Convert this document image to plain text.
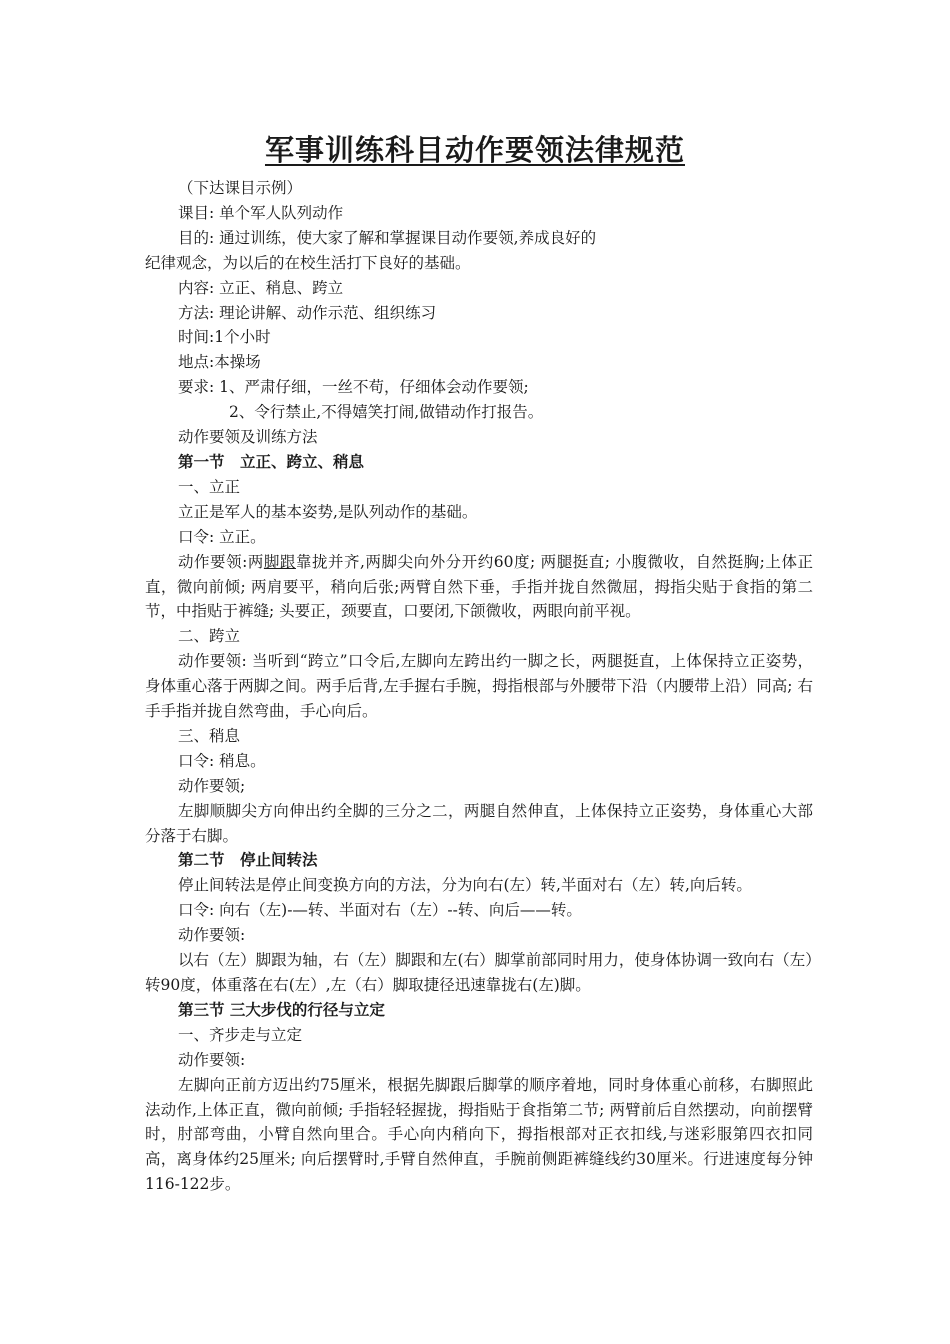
军事训练科目动作要领法律规范

（下达课目示例）

课目: 单个军人队列动作

目的: 通过训练，使大家了解和掌握课目动作要领,养成良好的

纪律观念，为以后的在校生活打下良好的基础。

内容: 立正、稍息、跨立

方法: 理论讲解、动作示范、组织练习

时间:1个小时

地点:本操场

要求: 1、严肃仔细，一丝不苟，仔细体会动作要领;

2、令行禁止,不得嬉笑打闹,做错动作打报告。

动作要领及训练方法

第一节　立正、跨立、稍息

一、立正

立正是军人的基本姿势,是队列动作的基础。

口令: 立正。

动作要领:两脚跟靠拢并齐,两脚尖向外分开约60度; 两腿挺直; 小腹微收，自然挺胸;上体正直，微向前倾; 两肩要平，稍向后张;两臂自然下垂，手指并拢自然微屈，拇指尖贴于食指的第二节，中指贴于裤缝; 头要正，颈要直，口要闭,下颌微收，两眼向前平视。

二、跨立

动作要领: 当听到“跨立”口令后,左脚向左跨出约一脚之长，两腿挺直，上体保持立正姿势，身体重心落于两脚之间。两手后背,左手握右手腕，拇指根部与外腰带下沿（内腰带上沿）同高; 右手手指并拢自然弯曲，手心向后。

三、稍息

口令: 稍息。

动作要领;

左脚顺脚尖方向伸出约全脚的三分之二，两腿自然伸直，上体保持立正姿势，身体重心大部分落于右脚。

第二节　停止间转法

停止间转法是停止间变换方向的方法，分为向右(左）转,半面对右（左）转,向后转。

口令: 向右（左)-—转、半面对右（左）--转、向后——转。

动作要领:

以右（左）脚跟为轴，右（左）脚跟和左(右）脚掌前部同时用力，使身体协调一致向右（左）转90度，体重落在右(左）,左（右）脚取捷径迅速靠拢右(左)脚。

第三节 三大步伐的行径与立定

一、齐步走与立定

动作要领:

左脚向正前方迈出约75厘米，根据先脚跟后脚掌的顺序着地，同时身体重心前移，右脚照此法动作,上体正直，微向前倾; 手指轻轻握拢，拇指贴于食指第二节; 两臂前后自然摆动，向前摆臂时，肘部弯曲，小臂自然向里合。手心向内稍向下，拇指根部对正衣扣线,与迷彩服第四衣扣同高，离身体约25厘米; 向后摆臂时,手臂自然伸直，手腕前侧距裤缝线约30厘米。行进速度每分钟116-122步。
